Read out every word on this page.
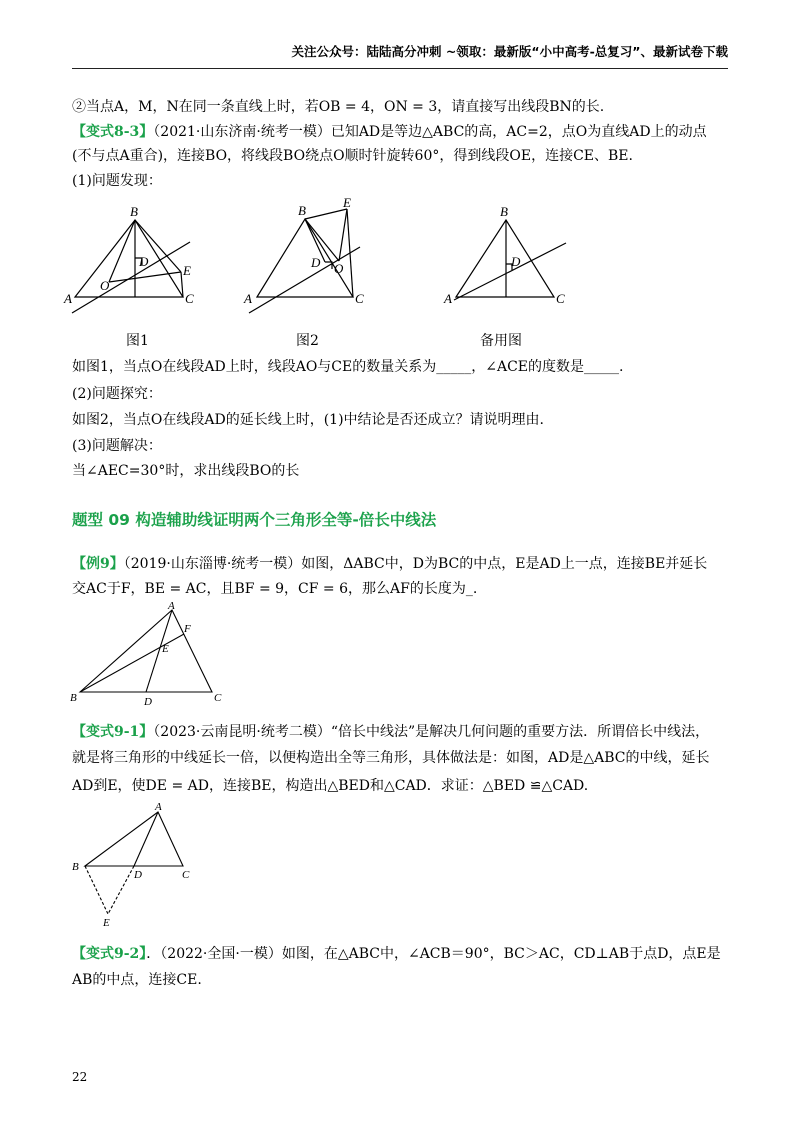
关注公众号：陆陆高分冲刺 ~领取：最新版“小中高考-总复习”、最新试卷下载
②当点A，M，N在同一条直线上时，若OB = 4，ON = 3，请直接写出线段BN的长.
【变式8-3】（2021·山东济南·统考一模）已知AD是等边△ABC的高，AC=2，点O为直线AD上的动点
(不与点A重合)，连接BO，将线段BO绕点O顺时针旋转60°，得到线段OE，连接CE、BE.
(1)问题发现：
B
A	C
D
E
O
B
E
A	C
D O
B
A	C
D
图1	图2	备用图
如图1，当点O在线段AD上时，线段AO与CE的数量关系为_____，∠ACE的度数是_____.
(2)问题探究：
如图2，当点O在线段AD的延长线上时，(1)中结论是否还成立？请说明理由.
(3)问题解决：
当∠AEC=30°时，求出线段BO的长
题型 09 构造辅助线证明两个三角形全等-倍长中线法
【例9】（2019·山东淄博·统考一模）如图，ΔABC中，D为BC的中点，E是AD上一点，连接BE并延长
交AC于F，BE = AC，且BF = 9，CF = 6，那么AF的长度为_.
A
F
E
B	D	C
【变式9-1】（2023·云南昆明·统考二模）“倍长中线法”是解决几何问题的重要方法．所谓倍长中线法，
就是将三角形的中线延长一倍，以便构造出全等三角形，具体做法是：如图，AD是△ABC的中线，延长
AD到E，使DE = AD，连接BE，构造出△BED和△CAD．求证：△BED ≌△CAD.
A
B
D	C
E
【变式9-2】．（2022·全国·一模）如图，在△ABC中，∠ACB＝90°，BC＞AC，CD⊥AB于点D，点E是
AB的中点，连接CE.
22
